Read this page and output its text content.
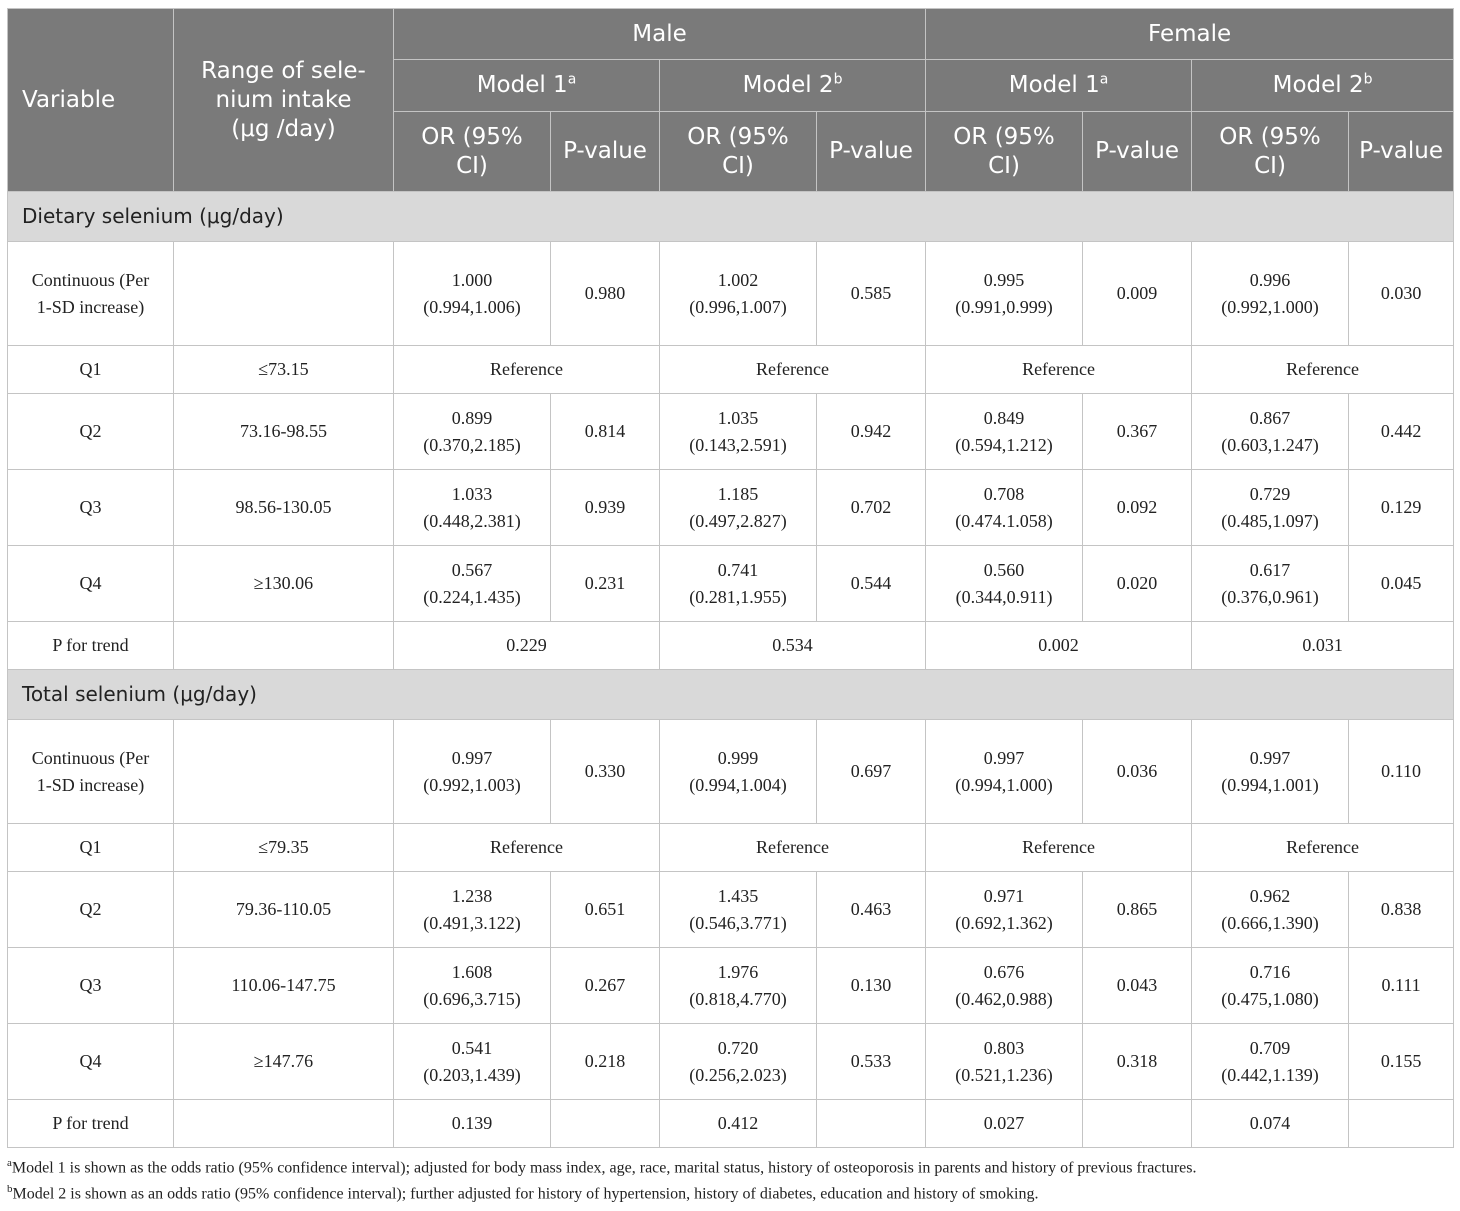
Variable	Range of sele-nium intake (μg /day)	Male				Female			
		Model 1$^a$		Model 2$^b$		Model 1$^a$		Model 2$^b$
		OR (95% CI)	P-value	OR (95% CI)	P-value	OR (95% CI)	P-value	OR (95% CI)	P-value
Dietary selenium (μg/day)									
Continuous (Per 1-SD increase)		1.000 (0.994,1.006)	0.980	1.002 (0.996,1.007)	0.585	0.995 (0.991,0.999)	0.009	0.996 (0.992,1.000)	0.030
Q1	≤73.15	Reference		Reference		Reference		Reference	
Q2	73.16-98.55	0.899 (0.370,2.185)	0.814	1.035 (0.143,2.591)	0.942	0.849 (0.594,1.212)	0.367	0.867 (0.603,1.247)	0.442
Q3	98.56-130.05	1.033 (0.448,2.381)	0.939	1.185 (0.497,2.827)	0.702	0.708 (0.474.1.058)	0.092	0.729 (0.485,1.097)	0.129
Q4	≥130.06	0.567 (0.224,1.435)	0.231	0.741 (0.281,1.955)	0.544	0.560 (0.344,0.911)	0.020	0.617 (0.376,0.961)	0.045
P for trend		0.229		0.534		0.002		0.031	
Total selenium (μg/day)									
Continuous (Per 1-SD increase)		0.997 (0.992,1.003)	0.330	0.999 (0.994,1.004)	0.697	0.997 (0.994,1.000)	0.036	0.997 (0.994,1.001)	0.110
Q1	≤79.35	Reference		Reference		Reference		Reference	
Q2	79.36-110.05	1.238 (0.491,3.122)	0.651	1.435 (0.546,3.771)	0.463	0.971 (0.692,1.362)	0.865	0.962 (0.666,1.390)	0.838
Q3	110.06-147.75	1.608 (0.696,3.715)	0.267	1.976 (0.818,4.770)	0.130	0.676 (0.462,0.988)	0.043	0.716 (0.475,1.080)	0.111
Q4	≥147.76	0.541 (0.203,1.439)	0.218	0.720 (0.256,2.023)	0.533	0.803 (0.521,1.236)	0.318	0.709 (0.442,1.139)	0.155
P for trend		0.139		0.412		0.027		0.074	
$^a$Model 1 is shown as the odds ratio (95% confidence interval); adjusted for body mass index, age, race, marital status, history of osteoporosis in parents and history of previous fractures.
$^b$Model 2 is shown as an odds ratio (95% confidence interval); further adjusted for history of hypertension, history of diabetes, education and history of smoking.
